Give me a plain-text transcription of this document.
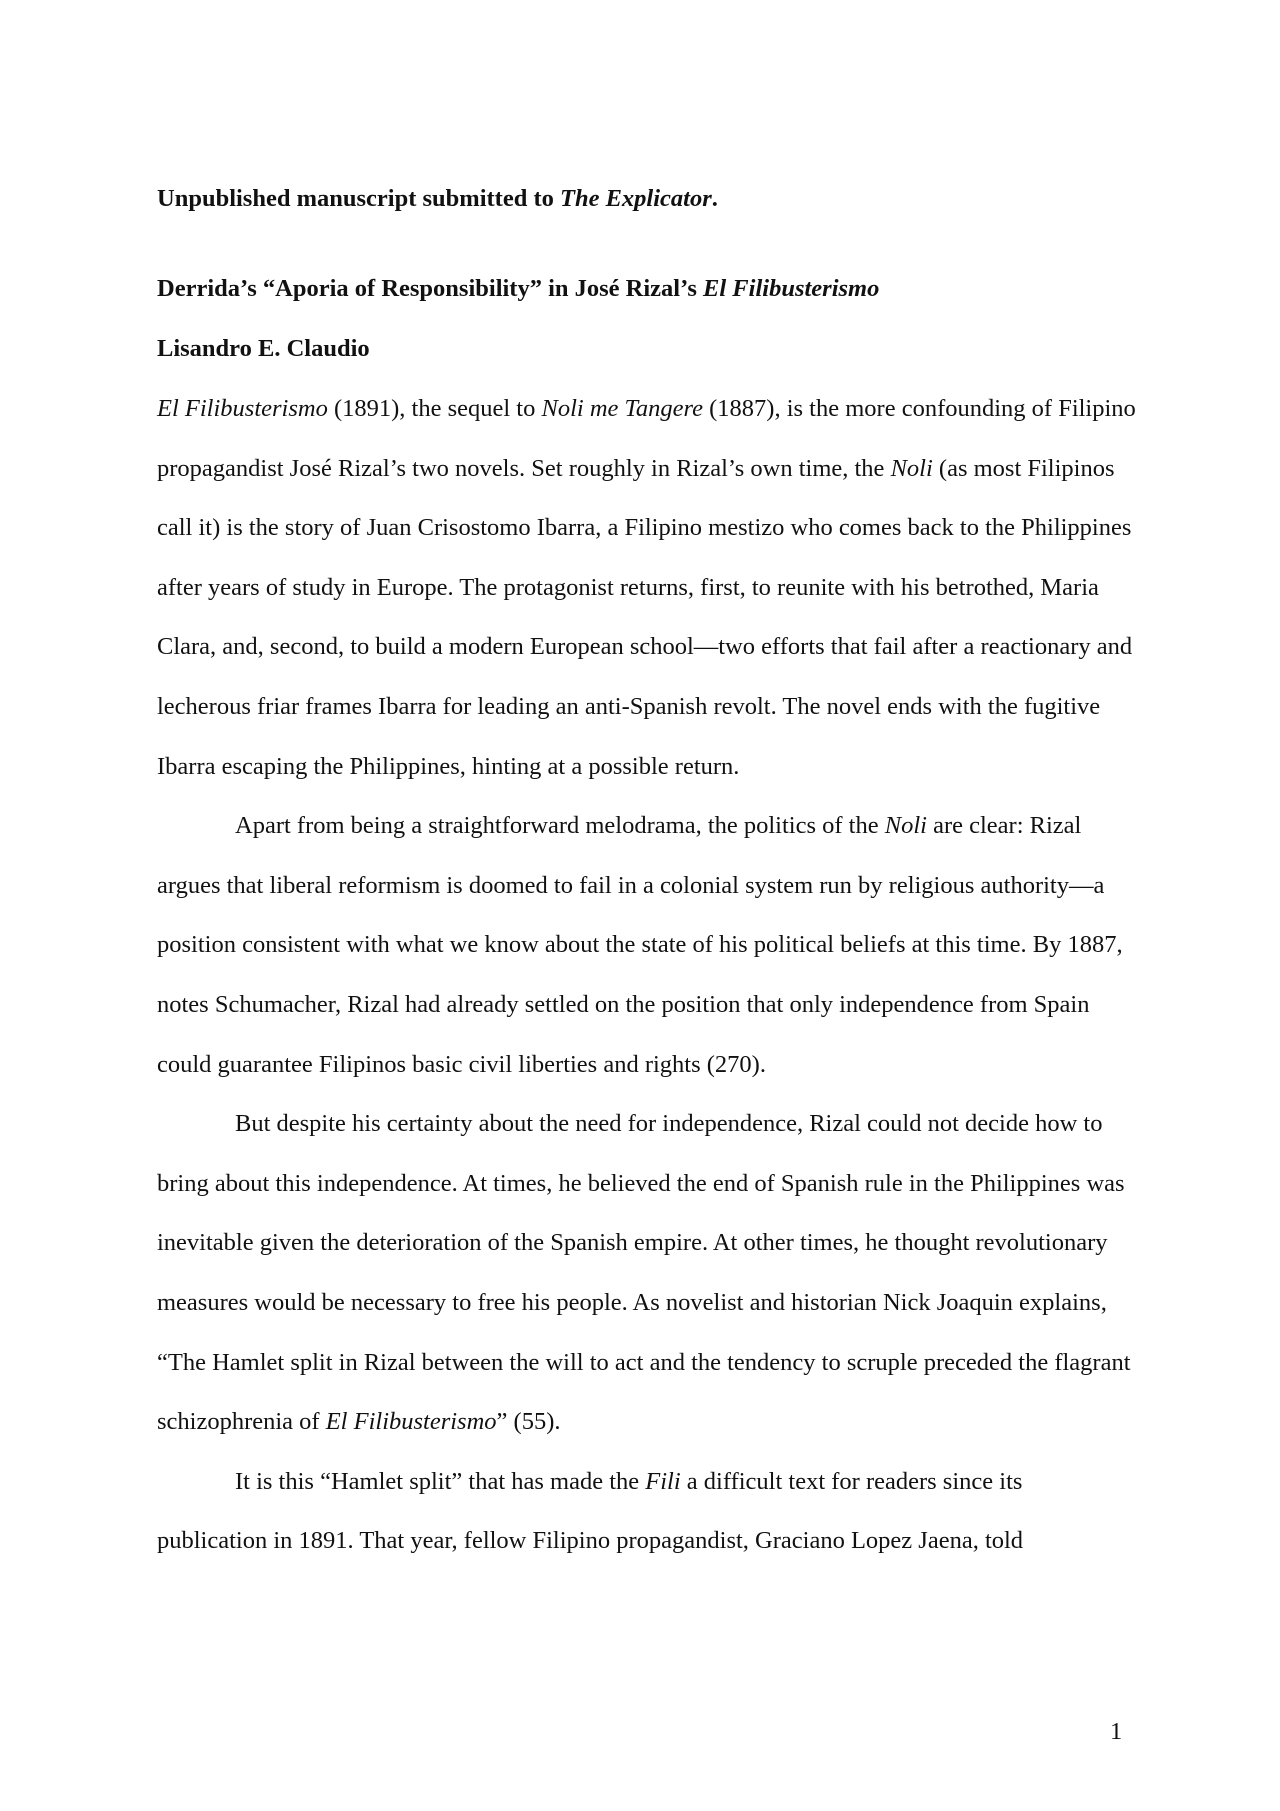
Unpublished manuscript submitted to The Explicator.

Derrida’s “Aporia of Responsibility” in José Rizal’s El Filibusterismo

Lisandro E. Claudio

El Filibusterismo (1891), the sequel to Noli me Tangere (1887), is the more confounding of Filipino propagandist José Rizal’s two novels. Set roughly in Rizal’s own time, the Noli (as most Filipinos call it) is the story of Juan Crisostomo Ibarra, a Filipino mestizo who comes back to the Philippines after years of study in Europe. The protagonist returns, first, to reunite with his betrothed, Maria Clara, and, second, to build a modern European school—two efforts that fail after a reactionary and lecherous friar frames Ibarra for leading an anti-Spanish revolt. The novel ends with the fugitive Ibarra escaping the Philippines, hinting at a possible return.

Apart from being a straightforward melodrama, the politics of the Noli are clear: Rizal argues that liberal reformism is doomed to fail in a colonial system run by religious authority—a position consistent with what we know about the state of his political beliefs at this time. By 1887, notes Schumacher, Rizal had already settled on the position that only independence from Spain could guarantee Filipinos basic civil liberties and rights (270).

But despite his certainty about the need for independence, Rizal could not decide how to bring about this independence. At times, he believed the end of Spanish rule in the Philippines was inevitable given the deterioration of the Spanish empire. At other times, he thought revolutionary measures would be necessary to free his people. As novelist and historian Nick Joaquin explains, “The Hamlet split in Rizal between the will to act and the tendency to scruple preceded the flagrant schizophrenia of El Filibusterismo” (55).

It is this “Hamlet split” that has made the Fili a difficult text for readers since its publication in 1891. That year, fellow Filipino propagandist, Graciano Lopez Jaena, told

1
